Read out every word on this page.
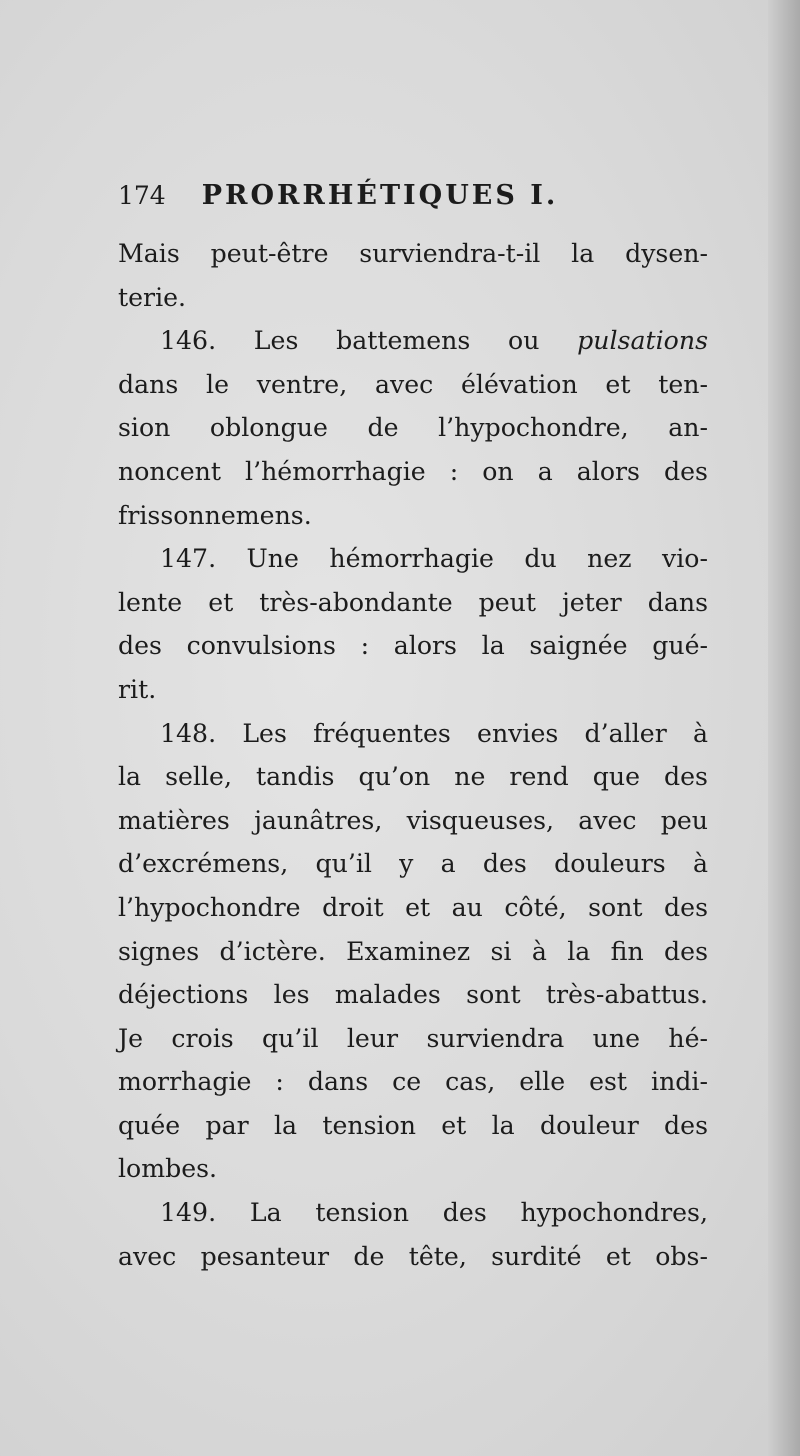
174 PRORRHÉTIQUES I.

Mais peut-être surviendra-t-il la dysen-
terie.

146. Les battemens ou pulsations
dans le ventre, avec élévation et ten-
sion oblongue de l’hypochondre, an-
noncent l’hémorrhagie : on a alors des
frissonnemens.

147. Une hémorrhagie du nez vio-
lente et très-abondante peut jeter dans
des convulsions : alors la saignée gué-
rit.

148. Les fréquentes envies d’aller à
la selle, tandis qu’on ne rend que des
matières jaunâtres, visqueuses, avec peu
d’excrémens, qu’il y a des douleurs à
l’hypochondre droit et au côté, sont des
signes d’ictère. Examinez si à la fin des
déjections les malades sont très-abattus.
Je crois qu’il leur surviendra une hé-
morrhagie : dans ce cas, elle est indi-
quée par la tension et la douleur des
lombes.

149. La tension des hypochondres,
avec pesanteur de tête, surdité et obs-
